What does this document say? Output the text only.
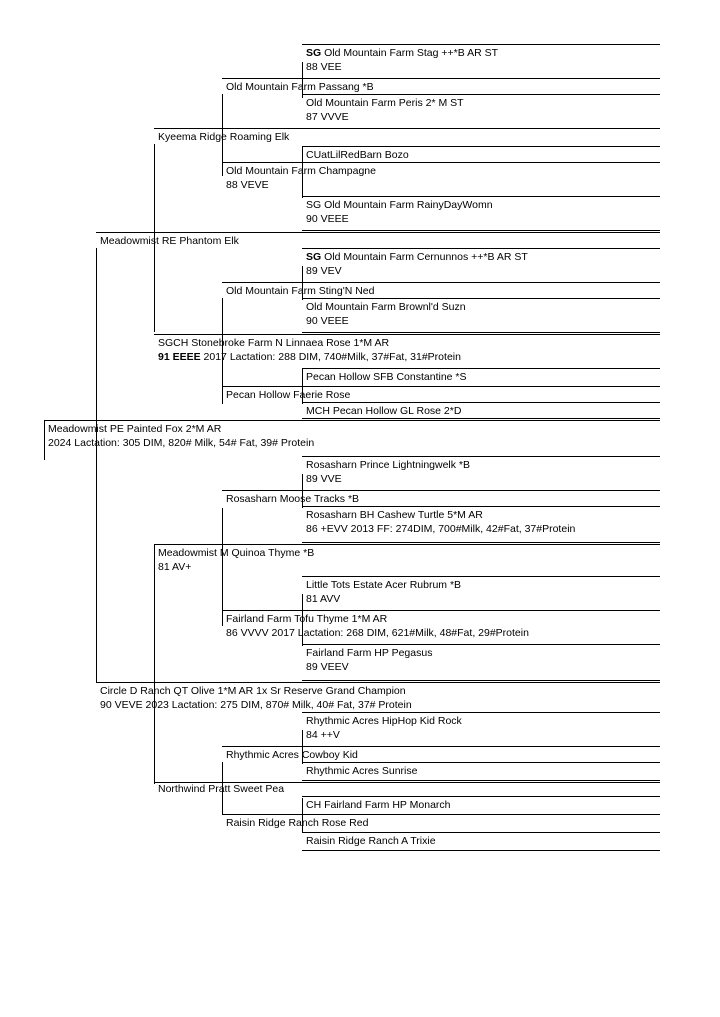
SG Old Mountain Farm Stag ++*B AR ST
88 VEE
Old Mountain Farm Passang *B
Old Mountain Farm Peris 2* M ST
87 VVVE
Kyeema Ridge Roaming Elk
CUatLilRedBarn Bozo
Old Mountain Farm Champagne
88 VEVE
SG Old Mountain Farm RainyDayWomn
90 VEEE
Meadowmist RE Phantom Elk
SG Old Mountain Farm Cernunnos ++*B AR ST
89 VEV
Old Mountain Farm Sting'N Ned
Old Mountain Farm Brownl'd Suzn
90 VEEE
SGCH Stonebroke Farm N Linnaea Rose 1*M AR
91 EEEE 2017 Lactation: 288 DIM, 740#Milk, 37#Fat, 31#Protein
Pecan Hollow SFB Constantine *S
Pecan Hollow Faerie Rose
MCH Pecan Hollow GL Rose 2*D
Meadowmist PE Painted Fox 2*M AR
2024 Lactation: 305 DIM, 820# Milk, 54# Fat, 39# Protein
Rosasharn Prince Lightningwelk *B
89 VVE
Rosasharn Moose Tracks *B
Rosasharn BH Cashew Turtle 5*M AR
86 +EVV 2013 FF: 274DIM, 700#Milk, 42#Fat, 37#Protein
Meadowmist M Quinoa Thyme *B
81 AV+
Little Tots Estate Acer Rubrum *B
81 AVV
Fairland Farm Tofu Thyme 1*M AR
86 VVVV 2017 Lactation: 268 DIM, 621#Milk, 48#Fat, 29#Protein
Fairland Farm HP Pegasus
89 VEEV
Circle D Ranch QT Olive 1*M AR 1x Sr Reserve Grand Champion
90 VEVE 2023 Lactation: 275 DIM, 870# Milk, 40# Fat, 37# Protein
Rhythmic Acres HipHop Kid Rock
84 ++V
Rhythmic Acres Cowboy Kid
Rhythmic Acres Sunrise
Northwind Pratt Sweet Pea
CH Fairland Farm HP Monarch
Raisin Ridge Ranch Rose Red
Raisin Ridge Ranch A Trixie
